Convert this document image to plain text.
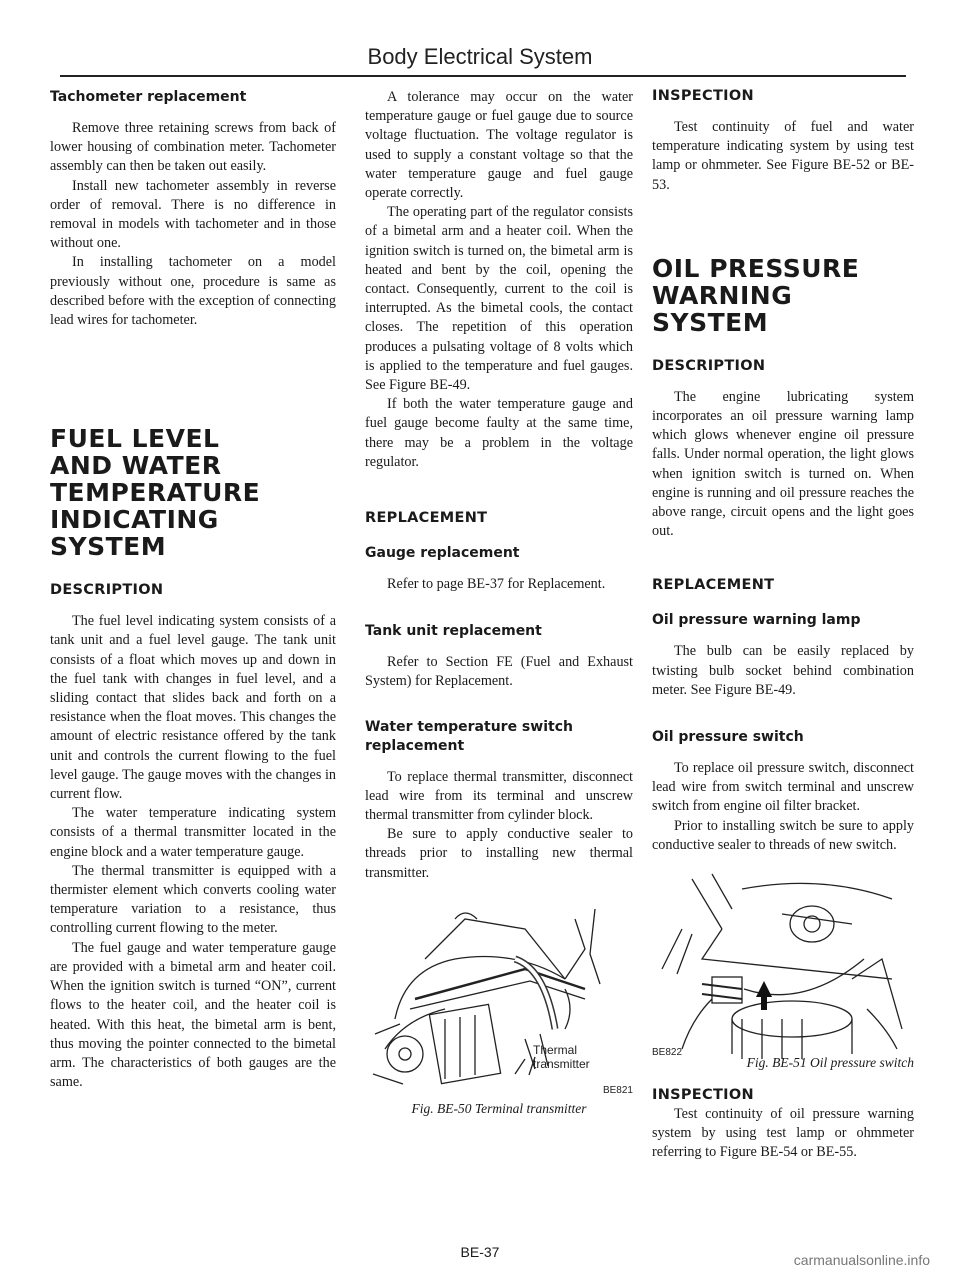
Body Electrical System
Tachometer replacement

Remove three retaining screws from back of lower housing of combination meter. Tachometer assembly can then be taken out easily.

Install new tachometer assembly in reverse order of removal. There is no difference in removal in models with tachometer and in those without one.

In installing tachometer on a model previously without one, procedure is same as described before with the exception of connecting lead wires for tachometer.

FUEL LEVEL
AND WATER
TEMPERATURE
INDICATING SYSTEM
DESCRIPTION

The fuel level indicating system consists of a tank unit and a fuel level gauge. The tank unit consists of a float which moves up and down in the fuel tank with changes in fuel level, and a sliding contact that slides back and forth on a resistance when the float moves. This changes the amount of electric resistance offered by the tank unit and controls the current flowing to the fuel level gauge. The gauge moves with the changes in current flow.

The water temperature indicating system consists of a thermal transmitter located in the engine block and a water temperature gauge.

The thermal transmitter is equipped with a thermister element which converts cooling water temperature variation to a resistance, thus controlling current flowing to the meter.

The fuel gauge and water temperature gauge are provided with a bimetal arm and heater coil. When the ignition switch is turned “ON”, current flows to the heater coil, and the heater coil is heated. With this heat, the bimetal arm is bent, thus moving the pointer connected to the bimetal arm. The characteristics of both gauges are the same.

A tolerance may occur on the water temperature gauge or fuel gauge due to source voltage fluctuation. The voltage regulator is used to supply a constant voltage so that the water temperature gauge and fuel gauge operate correctly.

The operating part of the regulator consists of a bimetal arm and a heater coil. When the ignition switch is turned on, the bimetal arm is heated and bent by the coil, opening the contact. Consequently, current to the coil is interrupted. As the bimetal cools, the contact closes. The repetition of this operation produces a pulsating voltage of 8 volts which is applied to the temperature and fuel gauges. See Figure BE-49.

If both the water temperature gauge and fuel gauge become faulty at the same time, there may be a problem in the voltage regulator.

REPLACEMENT
Gauge replacement

Refer to page BE-37 for Replacement.

Tank unit replacement

Refer to Section FE (Fuel and Exhaust System) for Replacement.

Water temperature switch
replacement

To replace thermal transmitter, disconnect lead wire from its terminal and unscrew thermal transmitter from cylinder block.

Be sure to apply conductive sealer to threads prior to installing new thermal transmitter.

Thermal transmitter
BE821
Fig. BE-50 Terminal transmitter
INSPECTION

Test continuity of fuel and water temperature indicating system by using test lamp or ohmmeter. See Figure BE-52 or BE-53.

OIL PRESSURE
WARNING SYSTEM
DESCRIPTION

The engine lubricating system incorporates an oil pressure warning lamp which glows whenever engine oil pressure falls. Under normal operation, the light glows when ignition switch is turned on. When engine is running and oil pressure reaches the above range, circuit opens and the light goes out.

REPLACEMENT
Oil pressure warning lamp

The bulb can be easily replaced by twisting bulb socket behind combination meter. See Figure BE-49.

Oil pressure switch

To replace oil pressure switch, disconnect lead wire from switch terminal and unscrew switch from engine oil filter bracket.

Prior to installing switch be sure to apply conductive sealer to threads of new switch.

BE822
Fig. BE-51 Oil pressure switch
INSPECTION

Test continuity of oil pressure warning system by using test lamp or ohmmeter referring to Figure BE-54 or BE-55.

BE-37	carmanualsonline.info
